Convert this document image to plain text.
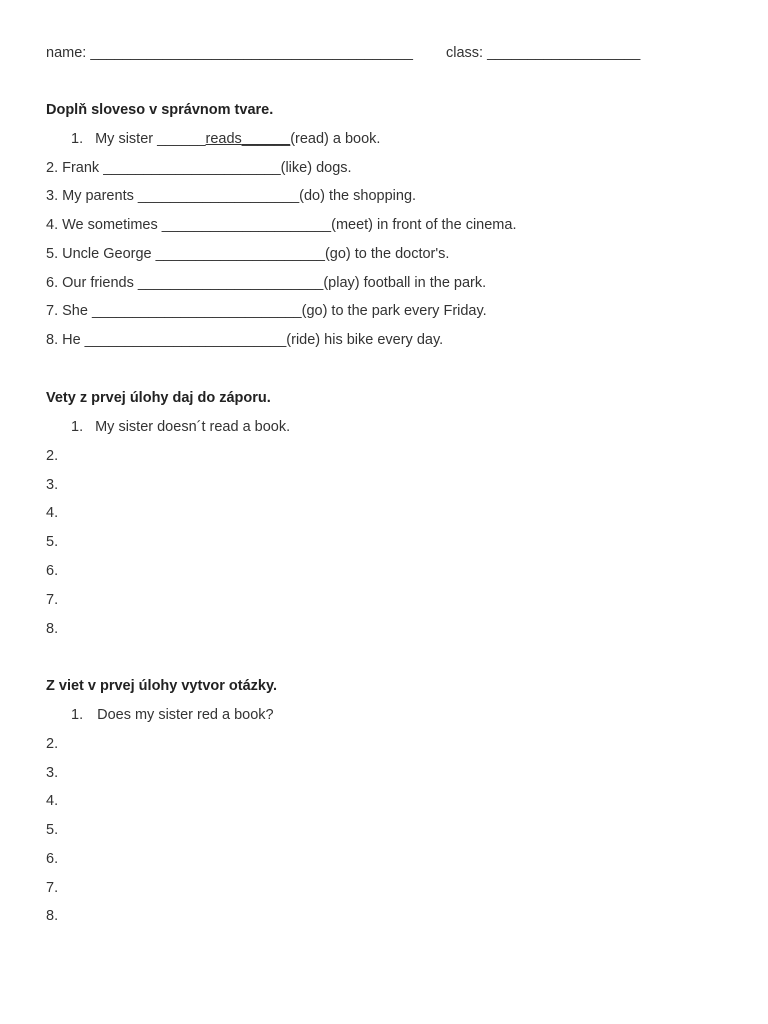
name: ________________________________________ class: ___________________
Doplň sloveso v správnom tvare.
1. My sister ______reads______(read) a book.
2. Frank ______________________(like) dogs.
3. My parents ____________________(do) the shopping.
4. We sometimes _____________________(meet) in front of the cinema.
5. Uncle George _____________________(go) to the doctor's.
6. Our friends _______________________(play) football in the park.
7. She __________________________(go) to the park every Friday.
8. He _________________________(ride) his bike every day.
Vety z prvej úlohy daj do záporu.
1. My sister doesn´t read a book.
2.
3.
4.
5.
6.
7.
8.
Z viet v prvej úlohy vytvor otázky.
1. Does my sister red a book?
2.
3.
4.
5.
6.
7.
8.
